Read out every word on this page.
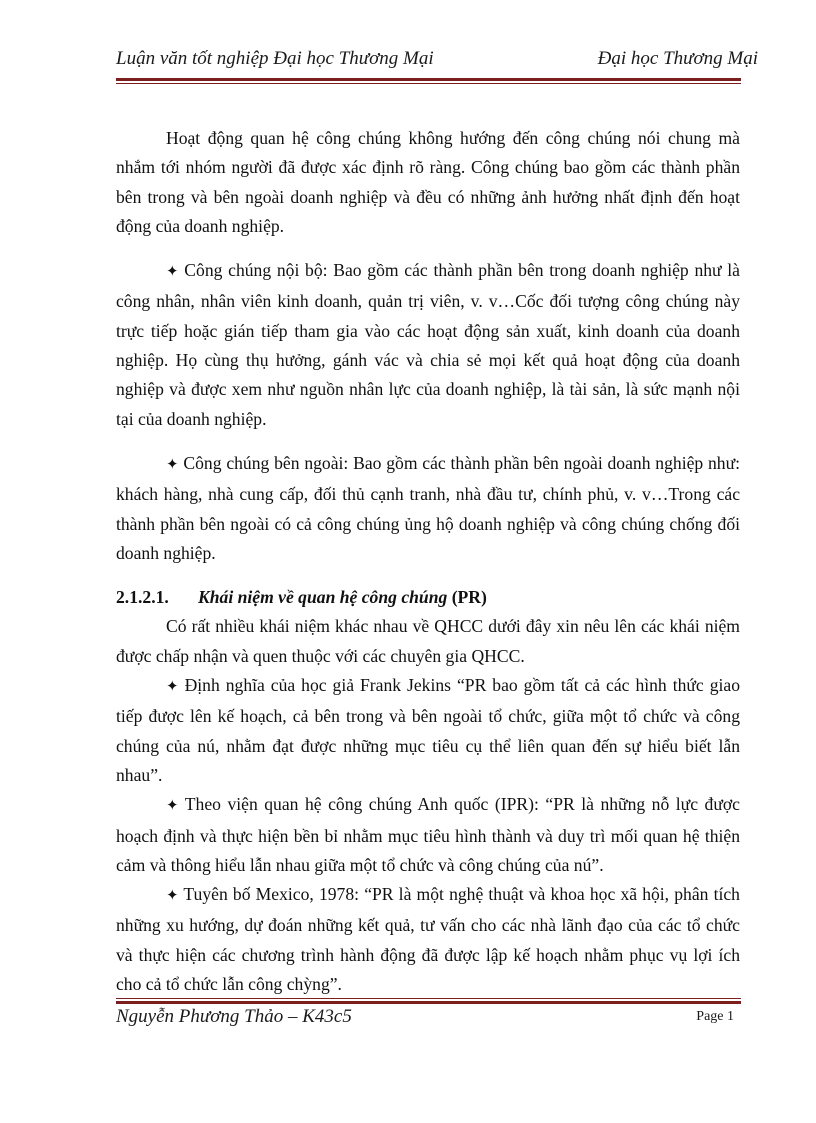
Luận văn tốt nghiệp Đại học Thương Mại	Đại học Thương Mại

Hoạt động quan hệ công chúng không hướng đến công chúng nói chung mà nhắm tới nhóm người đã được xác định rõ ràng. Công chúng bao gồm các thành phần bên trong và bên ngoài doanh nghiệp và đều có những ảnh hưởng nhất định đến hoạt động của doanh nghiệp.

✦ Công chúng nội bộ: Bao gồm các thành phần bên trong doanh nghiệp như là công nhân, nhân viên kinh doanh, quản trị viên, v. v…Cốc đối tượng công chúng này trực tiếp hoặc gián tiếp tham gia vào các hoạt động sản xuất, kinh doanh của doanh nghiệp. Họ cùng thụ hưởng, gánh vác và chia sẻ mọi kết quả hoạt động của doanh nghiệp và được xem như nguồn nhân lực của doanh nghiệp, là tài sản, là sức mạnh nội tại của doanh nghiệp.

✦ Công chúng bên ngoài: Bao gồm các thành phần bên ngoài doanh nghiệp như: khách hàng, nhà cung cấp, đối thủ cạnh tranh, nhà đầu tư, chính phủ, v. v…Trong các thành phần bên ngoài có cả công chúng ủng hộ doanh nghiệp và công chúng chống đối doanh nghiệp.

2.1.2.1. Khái niệm về quan hệ công chúng (PR)

Có rất nhiều khái niệm khác nhau về QHCC dưới đây xin nêu lên các khái niệm được chấp nhận và quen thuộc với các chuyên gia QHCC.

✦ Định nghĩa của học giả Frank Jekins “PR bao gồm tất cả các hình thức giao tiếp được lên kế hoạch, cả bên trong và bên ngoài tổ chức, giữa một tổ chức và công chúng của nú, nhằm đạt được những mục tiêu cụ thể liên quan đến sự hiểu biết lẫn nhau”.

✦ Theo viện quan hệ công chúng Anh quốc (IPR): “PR là những nỗ lực được hoạch định và thực hiện bền bỉ nhằm mục tiêu hình thành và duy trì mối quan hệ thiện cảm và thông hiểu lẫn nhau giữa một tổ chức và công chúng của nú”.

✦ Tuyên bố Mexico, 1978: “PR là một nghệ thuật và khoa học xã hội, phân tích những xu hướng, dự đoán những kết quả, tư vấn cho các nhà lãnh đạo của các tổ chức và thực hiện các chương trình hành động đã được lập kế hoạch nhằm phục vụ lợi ích cho cả tổ chức lẫn công chỳng”.

Nguyễn Phương Thảo – K43c5	Page 1
